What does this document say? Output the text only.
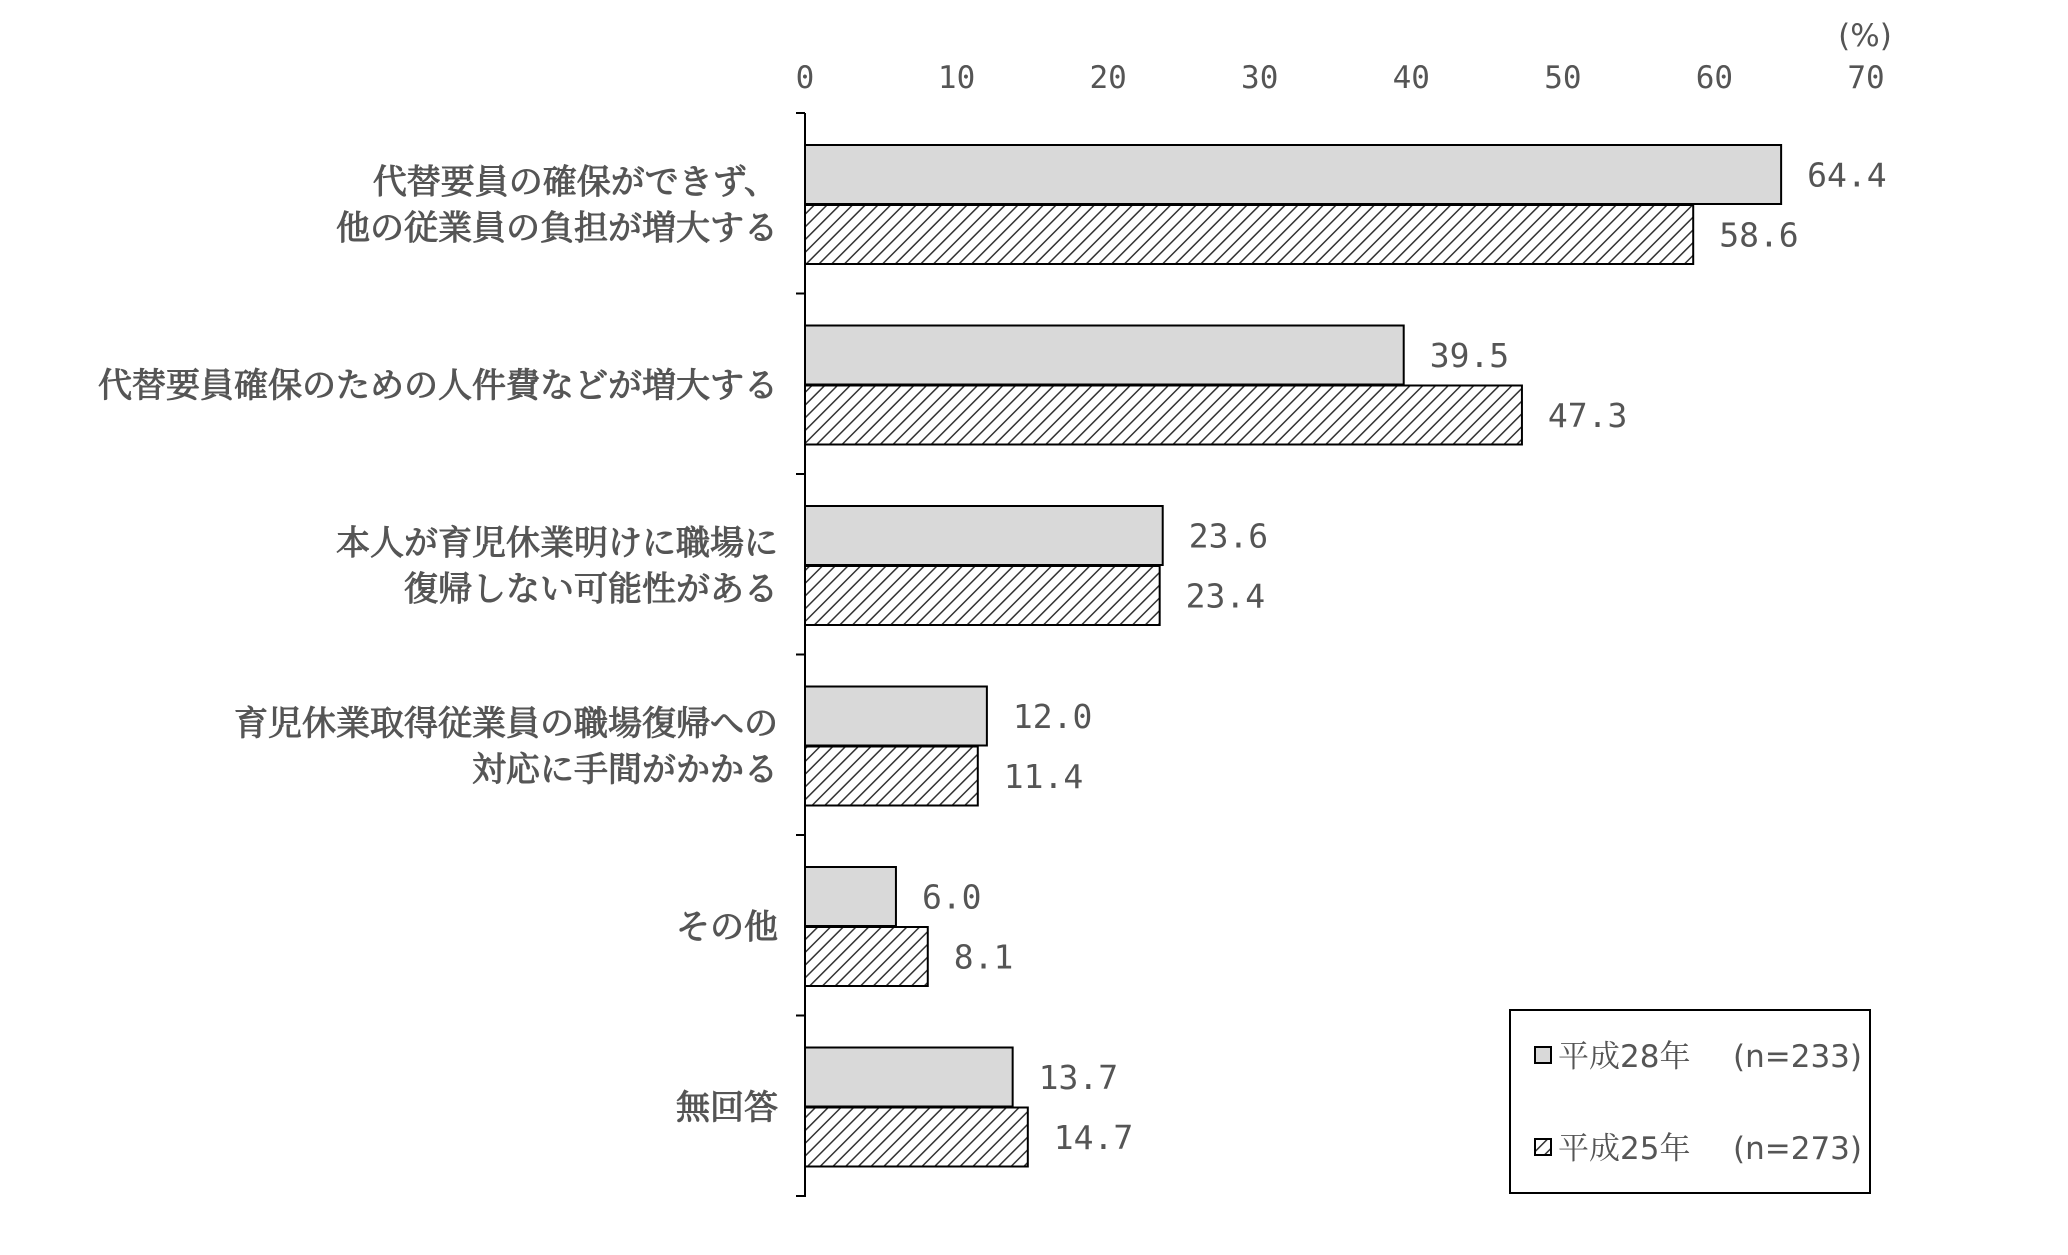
0	10	20	30	40	50	60	70
(%)
代替要員の確保ができず、
他の従業員の負担が増大する
代替要員確保のための人件費などが増大する
本人が育児休業明けに職場に
復帰しない可能性がある
育児休業取得従業員の職場復帰への
対応に手間がかかる
その他
無回答
64.4
39.5
23.6
12.0
6.0
13.7
58.6
47.3
23.4
11.4
8.1
14.7
平成28年 (n=233)
平成25年 (n=273)
